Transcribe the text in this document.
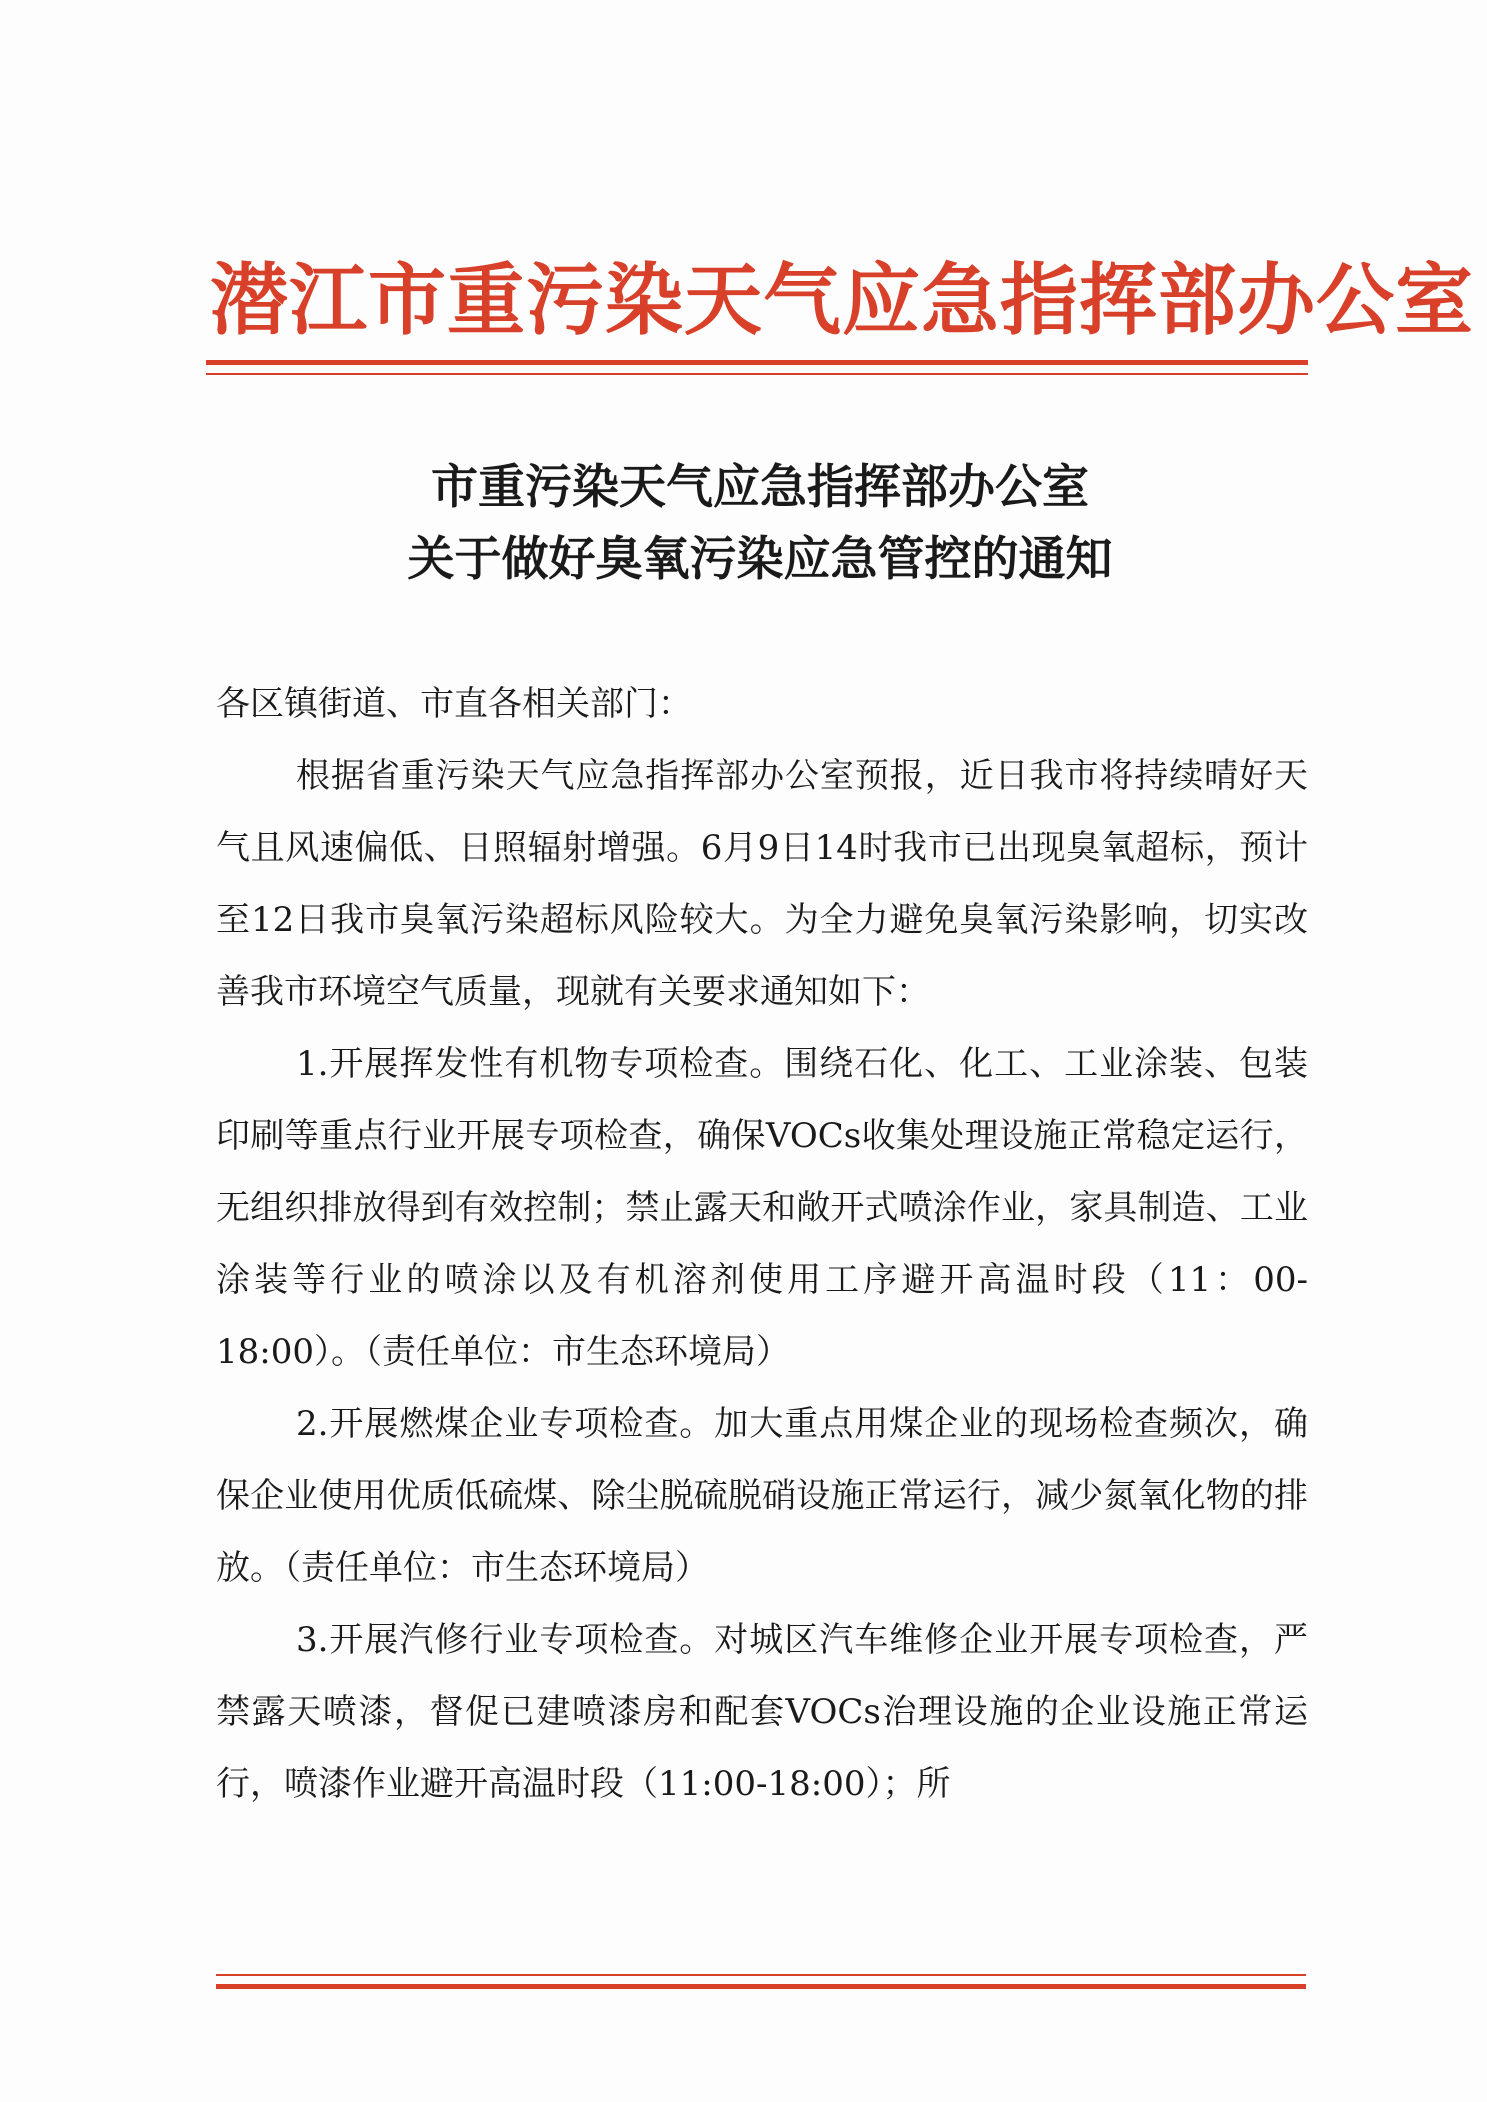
潜江市重污染天气应急指挥部办公室
市重污染天气应急指挥部办公室
关于做好臭氧污染应急管控的通知
各区镇街道、市直各相关部门：

根据省重污染天气应急指挥部办公室预报，近日我市将持续晴好天气且风速偏低、日照辐射增强。6月9日14时我市已出现臭氧超标，预计至12日我市臭氧污染超标风险较大。为全力避免臭氧污染影响，切实改善我市环境空气质量，现就有关要求通知如下：

1.开展挥发性有机物专项检查。围绕石化、化工、工业涂装、包装印刷等重点行业开展专项检查，确保VOCs收集处理设施正常稳定运行，无组织排放得到有效控制；禁止露天和敞开式喷涂作业，家具制造、工业涂装等行业的喷涂以及有机溶剂使用工序避开高温时段（11：00-18:00）。（责任单位：市生态环境局）

2.开展燃煤企业专项检查。加大重点用煤企业的现场检查频次，确保企业使用优质低硫煤、除尘脱硫脱硝设施正常运行，减少氮氧化物的排放。（责任单位：市生态环境局）

3.开展汽修行业专项检查。对城区汽车维修企业开展专项检查，严禁露天喷漆，督促已建喷漆房和配套VOCs治理设施的企业设施正常运行，喷漆作业避开高温时段（11:00-18:00）；所
